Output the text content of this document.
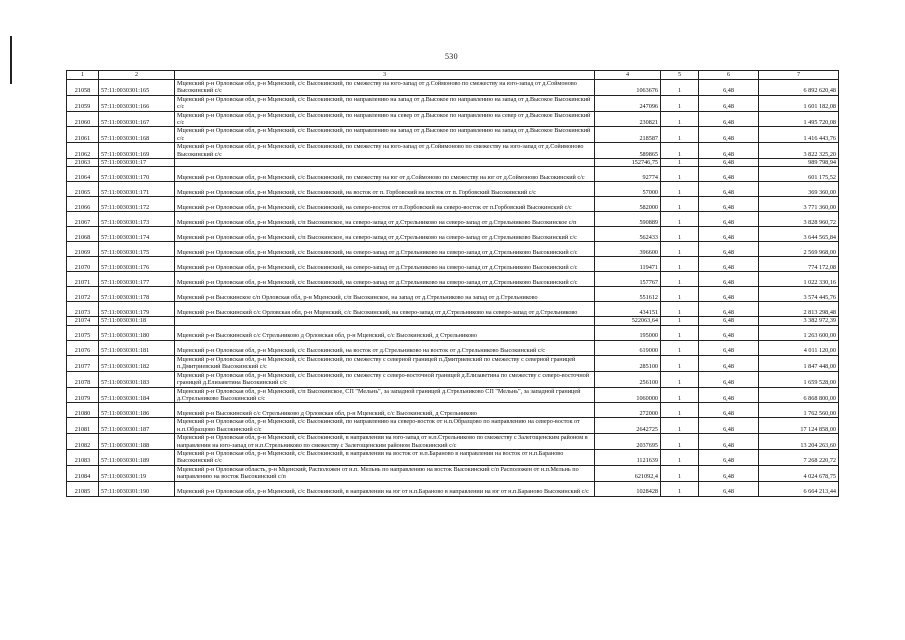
530
1	2	3	4	5	6	7
21058	57:11:0030301:165	Мценский р-н Орловская обл, р-н Мценский, с/с Высокинский, по смежеству на юго-запад от д.Соймоново по смежеству на юго-запад от д.Соймоново Высокинский с/с	1063676	1	6,48	6 892 620,48
21059	57:11:0030301:166	Мценский р-н Орловская обл, р-н Мценский, с/с Высокинский, по направлению на запад от д.Высокое по направлению на запад от д.Высокое Высокинский с/с	247096	1	6,48	1 601 182,08
21060	57:11:0030301:167	Мценский р-н Орловская обл, р-н Мценский, с/с Высокинский, по направлению на север от д.Высокое по направлению на север от д.Высокое Высокинский с/с	230821	1	6,48	1 495 720,08
21061	57:11:0030301:168	Мценский р-н Орловская обл, р-н Мценский, с/с Высокинский, по направлению на запад от д.Высокое по направлению на запад от д.Высокое Высокинский с/с	218587	1	6,48	1 416 443,76
21062	57:11:0030301:169	Мценский р-н Орловская обл, р-н Мценский, с/с Высокинский, по смежеству на юго-запад от д.Сойимоново по смежеству на юго-запад от д.Сойимоново Высокинский с/с	589865	1	6,48	3 822 325,20
21063	57:11:0030301:17		152746,75	1	6,48	989 798,94
21064	57:11:0030301:170	Мценский р-н Орловская обл, р-н Мценский, с/с Высокинский, по смежеству на юг от д.Соймоново по смежеству на юг от д.Соймоново Высокинский с/с	92774	1	6,48	601 175,52
21065	57:11:0030301:171	Мценский р-н Орловская обл, р-н Мценский, с/с Высокинский, на восток от п. Горбовский на восток от п. Горбовский Высокинский с/с	57000	1	6,48	369 360,00
21066	57:11:0030301:172	Мценский р-н Орловская обл, р-н Мценский, с/с Высокинский, на северо-восток от п.Горбовский на северо-восток от п.Горбовский Высокинский с/с	582000	1	6,48	3 771 360,00
21067	57:11:0030301:173	Мценский р-н Орловская обл, р-н Мценский, с/п Высокинское, на северо-запад от д.Стрельниково на северо-запад от д.Стрельниково Высокинское с/п	590889	1	6,48	3 828 960,72
21068	57:11:0030301:174	Мценский р-н Орловская обл, р-н Мценский, с/п Высокинское, на северо-запад от д.Стрельниково на северо-запад от д.Стрельниково Высокинский с/с	562433	1	6,48	3 644 565,84
21069	57:11:0030301:175	Мценский р-н Орловская обл, р-н Мценский, с/с Высокинский, на северо-запад от д.Стрельниково на северо-запад от д.Стрельниково Высокинский с/с	396600	1	6,48	2 569 968,00
21070	57:11:0030301:176	Мценский р-н Орловская обл, р-н Мценский, с/с Высокинский, на северо-запад от д.Стрельниково на северо-запад от д.Стрельниково Высокинский с/с	119471	1	6,48	774 172,08
21071	57:11:0030301:177	Мценский р-н Орловская обл, р-н Мценский, с/с Высокинский, на северо-запад от д.Стрельниково на северо-запад от д.Стрельниково Высокинский с/с	157767	1	6,48	1 022 330,16
21072	57:11:0030301:178	Мценский р-н Высокинское с/п Орловская обл, р-н Мценский, с/п Высокинское, на запад от д.Стрельниково на запад от д.Стрельниково	551612	1	6,48	3 574 445,76
21073	57:11:0030301:179	Мценский р-н Высокинский с/с Орловская обл, р-н Мценский, с/с Высокинский, на северо-запад от д.Стрельниково на северо-запад от д.Стрельниково	434151	1	6,48	2 813 298,48
21074	57:11:0030301:18		522063,64	1	6,48	3 382 972,39
21075	57:11:0030301:180	Мценский р-н Высокинский с/с Стрельниково д Орловская обл, р-н Мценский, с/с Высокинский, д Стрельниково	195000	1	6,48	1 263 600,00
21076	57:11:0030301:181	Мценский р-н Орловская обл, р-н Мценский, с/с Высокинский, на восток от д.Стрельниково на восток от д.Стрельниково Высокинский с/с	619000	1	6,48	4 011 120,00
21077	57:11:0030301:182	Мценский р-н Орловская обл, р-н Мценский, с/с Высокинский, по смежеству с северной границей п.Дмитриевский по смежеству с северной границей п.Дмитриевский Высокинский с/с	285100	1	6,48	1 847 448,00
21078	57:11:0030301:183	Мценский р-н Орловская обл, р-н Мценский, с/с Высокинский, по смежеству с северо-восточной границей д.Елизаветина по смежеству с северо-восточной границей д.Елизаветина Высокинский с/с	256100	1	6,48	1 659 528,00
21079	57:11:0030301:184	Мценский р-н Орловская обл, р-н Мценский, с/п Высокинское, СП "Мельнь", за западной границей д.Стрельниково СП "Мельнь", за западной границей д.Стрельниково Высокинский с/с	1060000	1	6,48	6 868 800,00
21080	57:11:0030301:186	Мценский р-н Высокинский с/с Стрельниково д Орловская обл, р-н Мценский, с/с Высокинский, д Стрельниково	272000	1	6,48	1 762 560,00
21081	57:11:0030301:187	Мценский р-н Орловская обл, р-н Мценский, с/с Высокинский, по направлению на северо-восток от н.п.Образцово по направлению на северо-восток от н.п.Образцово Высокинский с/с	2642725	1	6,48	17 124 858,00
21082	57:11:0030301:188	Мценский р-н Орловская обл, р-н Мценский, с/с Высокинский, в направлении на юго-запад от н.п.Стрельниково по смежеству с Залегощенским районом в направлении на юго-запад от н.п.Стрельниково по смежеству с Залегощенским районом Высокинский с/с	2037695	1	6,48	13 204 263,60
21083	57:11:0030301:189	Мценский р-н Орловская обл, р-н Мценский, с/с Высокинский, в направлении на восток от н.п.Бараново в направлении на восток от н.п.Бараново Высокинский с/с	1121639	1	6,48	7 268 220,72
21084	57:11:0030301:19	Мценский р-н Орловская область, р-н Мценский, Расположен от н.п. Мельнь по направлению на восток Высокинский с/п Расположен от н.п.Мельнь по направлению на восток Высокинский с/п	621092,4	1	6,48	4 024 678,75
21085	57:11:0030301:190	Мценский р-н Орловская обл, р-н Мценский, с/с Высокинский, в направлении на юг от н.п.Бараново в направлении на юг от н.п.Бараново Высокинский с/с	1028428	1	6,48	6 664 213,44
